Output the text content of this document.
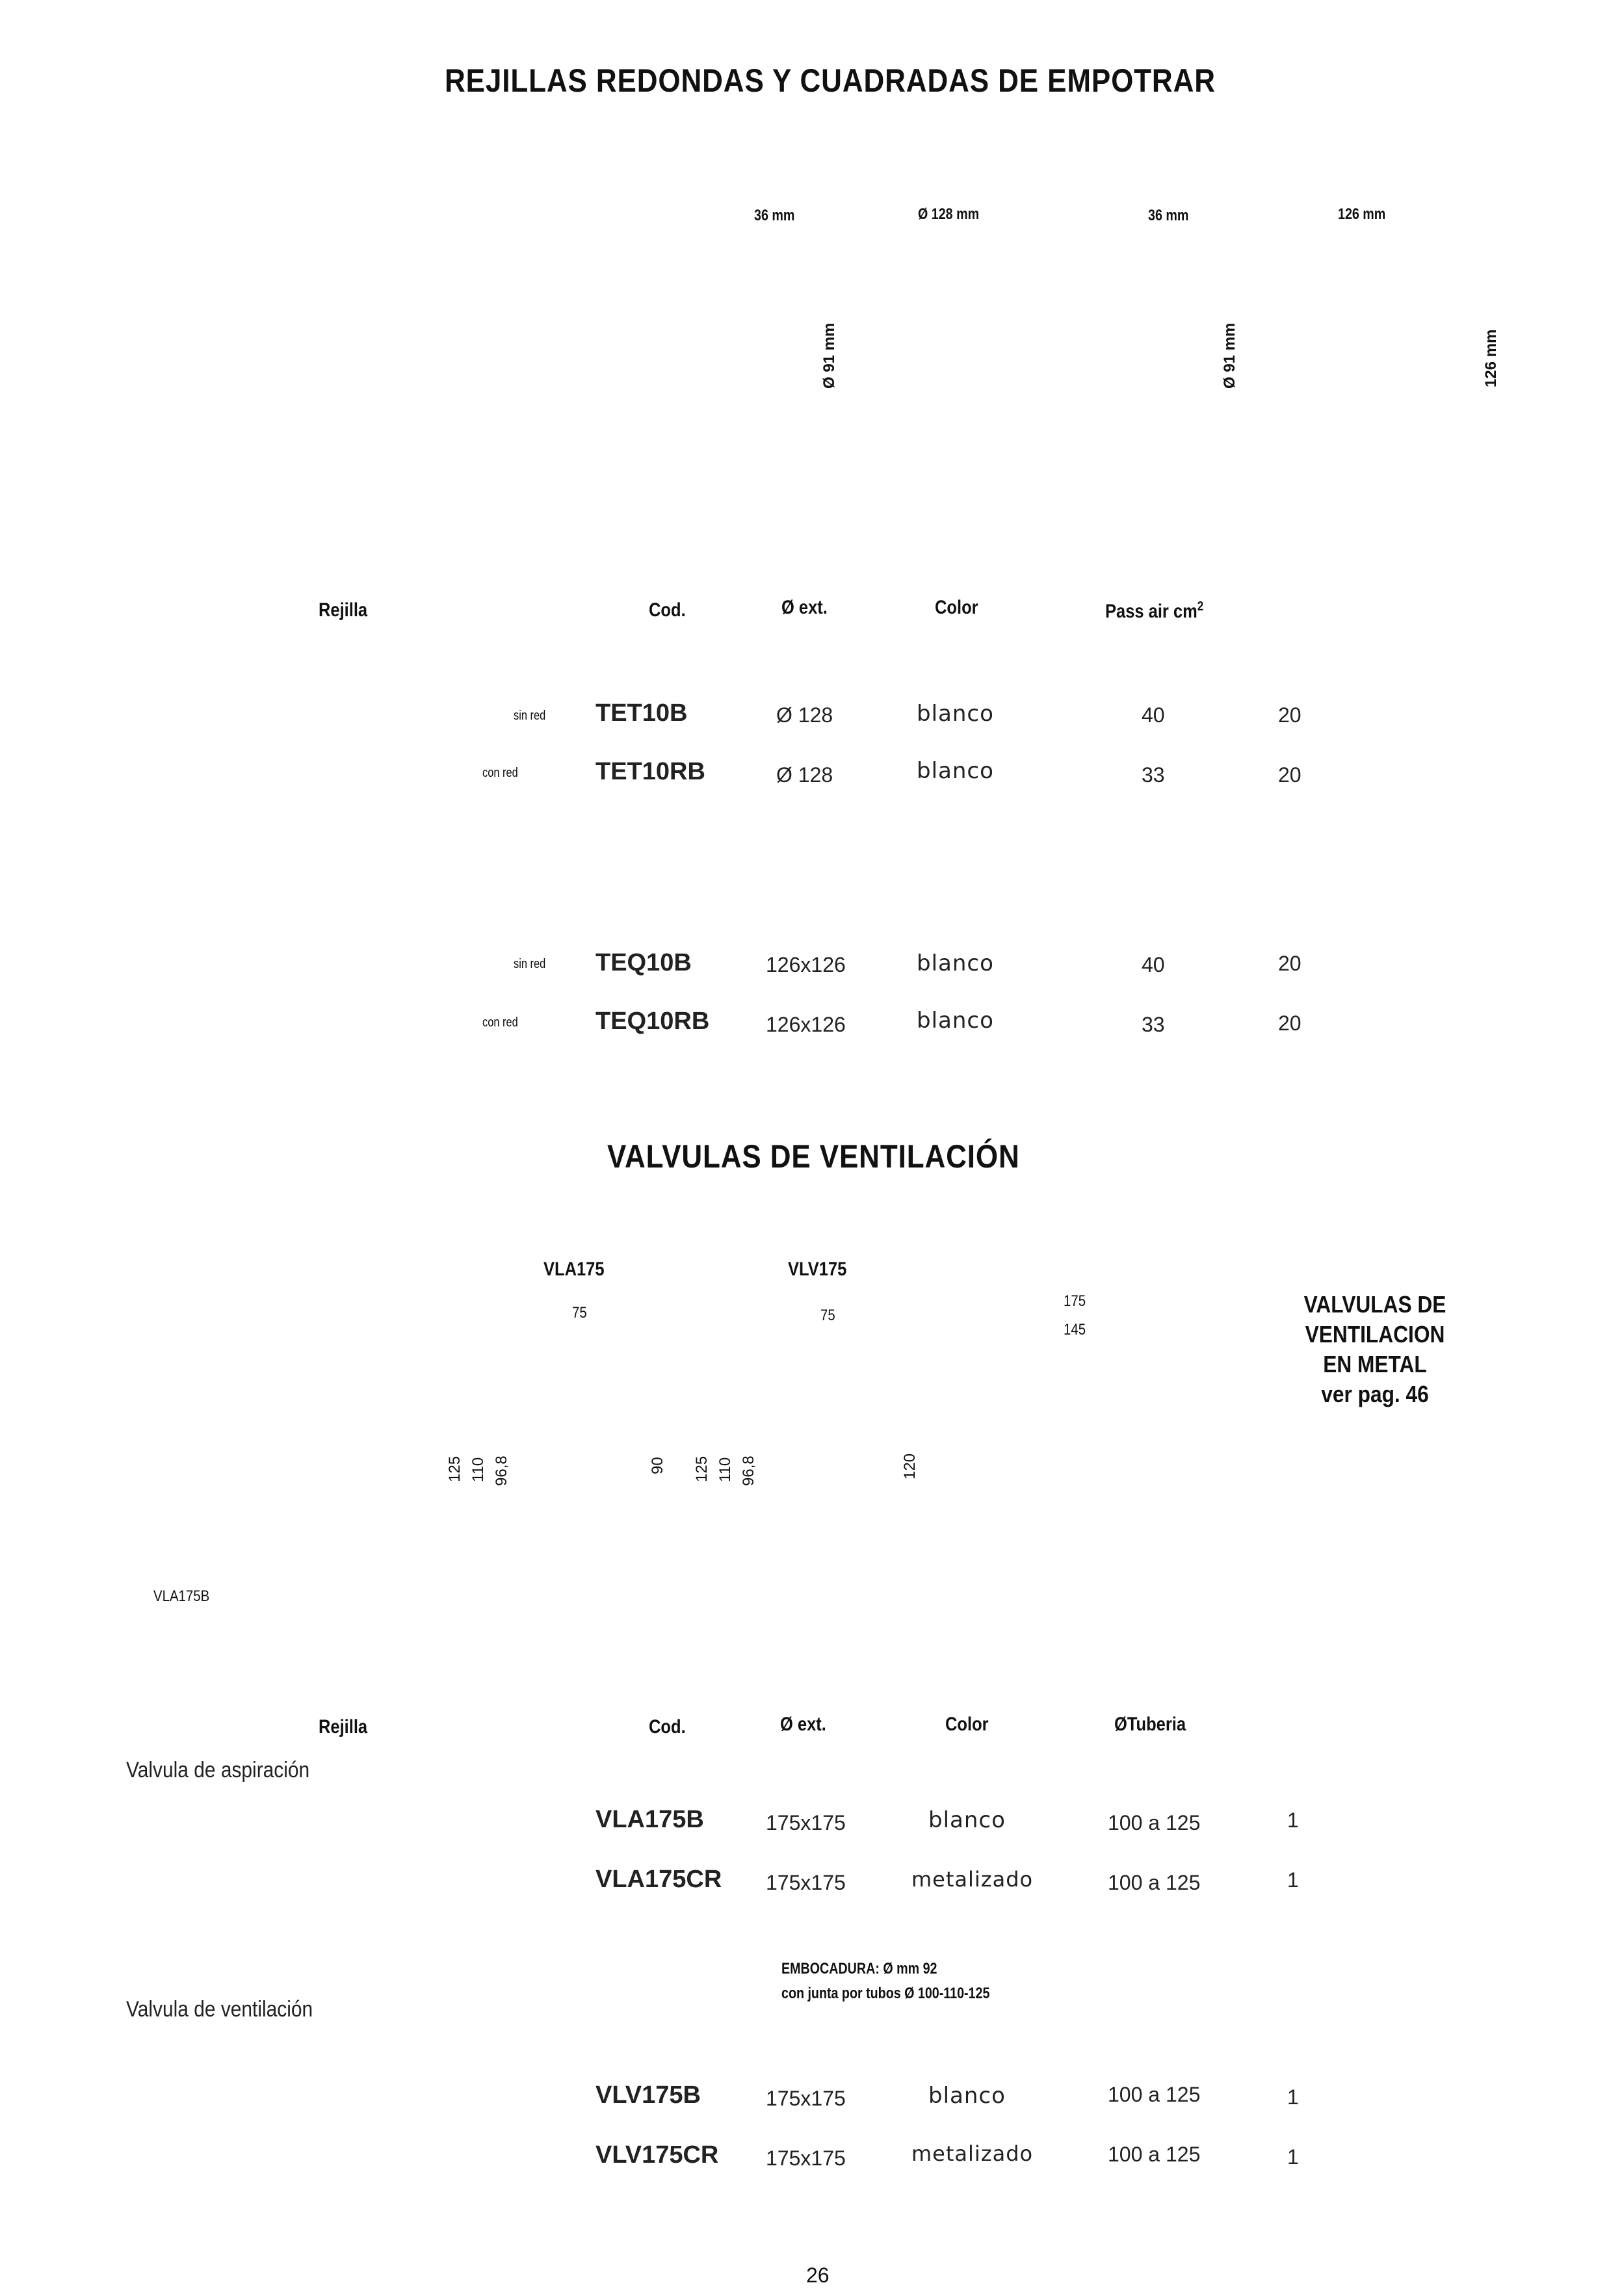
REJILLAS REDONDAS Y CUADRADAS DE EMPOTRAR
36 mm	Ø 128 mm	36 mm	126 mm
Ø 91 mm	Ø 91 mm	126 mm
Rejilla	Cod.	Ø ext.	Color	Pass air $cm^2$
sin red TET10B	Ø 128	blanco	40	20
con red	TET10RB	Ø 128	blanco	33	20
sin red TEQ10B	126x126	blanco	40	20
con red	TEQ10RB	126x126	blanco	33	20
VALVULAS DE VENTILACIÓN
VLA175	VLV175
75	75
175
145
125 110 96,8	90 125 110 96,8	120
VLA175B
VALVULAS DE
VENTILACION
EN METAL
ver pag. 46
Rejilla	Cod.	Ø ext.	Color	ØTuberia
Valvula de aspiración
VLA175B	175x175	blanco	100 a 125	1
VLA175CR 175x175	metalizado	100 a 125	1
EMBOCADURA: Ø mm 92
con junta por tubos Ø 100-110-125
Valvula de ventilación
VLV175B	175x175	blanco	100 a 125	1
VLV175CR 175x175	metalizado	100 a 125	1
26
